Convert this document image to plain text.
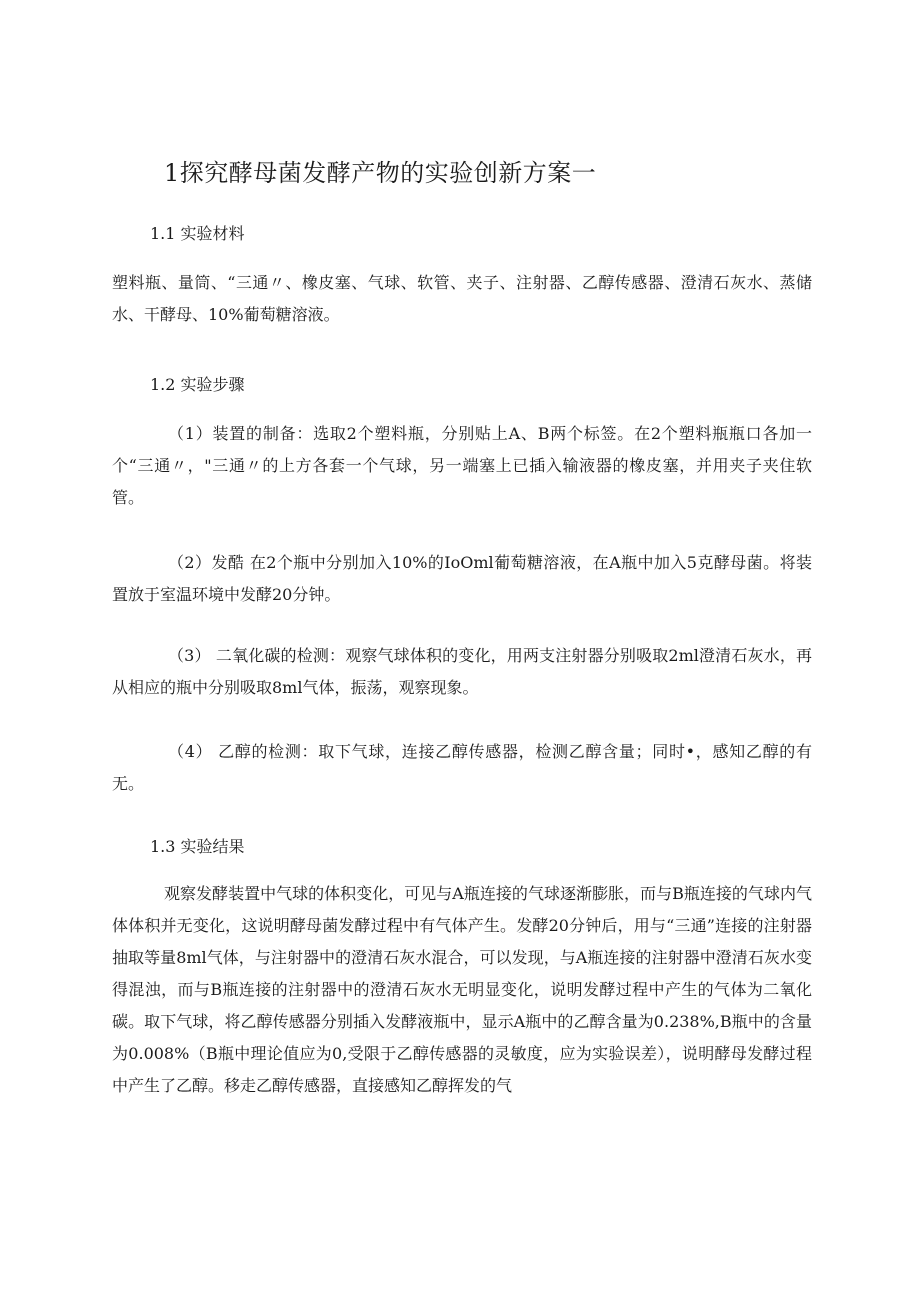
1探究酵母菌发酵产物的实验创新方案一
1.1 实验材料
塑料瓶、量筒、“三通〃、橡皮塞、气球、软管、夹子、注射器、乙醇传感器、澄清石灰水、蒸储水、干酵母、10%葡萄糖溶液。
1.2 实验步骤
（1）装置的制备：选取2个塑料瓶，分别贴上A、B两个标签。在2个塑料瓶瓶口各加一个“三通〃，"三通〃的上方各套一个气球，另一端塞上已插入输液器的橡皮塞，并用夹子夹住软管。
（2）发酷 在2个瓶中分别加入10%的IoOml葡萄糖溶液，在A瓶中加入5克酵母菌。将装置放于室温环境中发酵20分钟。
（3） 二氧化碳的检测：观察气球体积的变化，用两支注射器分别吸取2ml澄清石灰水，再从相应的瓶中分别吸取8ml气体，振荡，观察现象。
（4） 乙醇的检测：取下气球，连接乙醇传感器，检测乙醇含量；同时•，感知乙醇的有无。
1.3 实验结果
观察发酵装置中气球的体积变化，可见与A瓶连接的气球逐渐膨胀，而与B瓶连接的气球内气体体积并无变化，这说明酵母菌发酵过程中有气体产生。发酵20分钟后，用与“三通”连接的注射器抽取等量8ml气体，与注射器中的澄清石灰水混合，可以发现，与A瓶连接的注射器中澄清石灰水变得混浊，而与B瓶连接的注射器中的澄清石灰水无明显变化，说明发酵过程中产生的气体为二氧化碳。取下气球，将乙醇传感器分别插入发酵液瓶中，显示A瓶中的乙醇含量为0.238%,B瓶中的含量为0.008%（B瓶中理论值应为0,受限于乙醇传感器的灵敏度，应为实验误差），说明酵母发酵过程中产生了乙醇。移走乙醇传感器，直接感知乙醇挥发的气
